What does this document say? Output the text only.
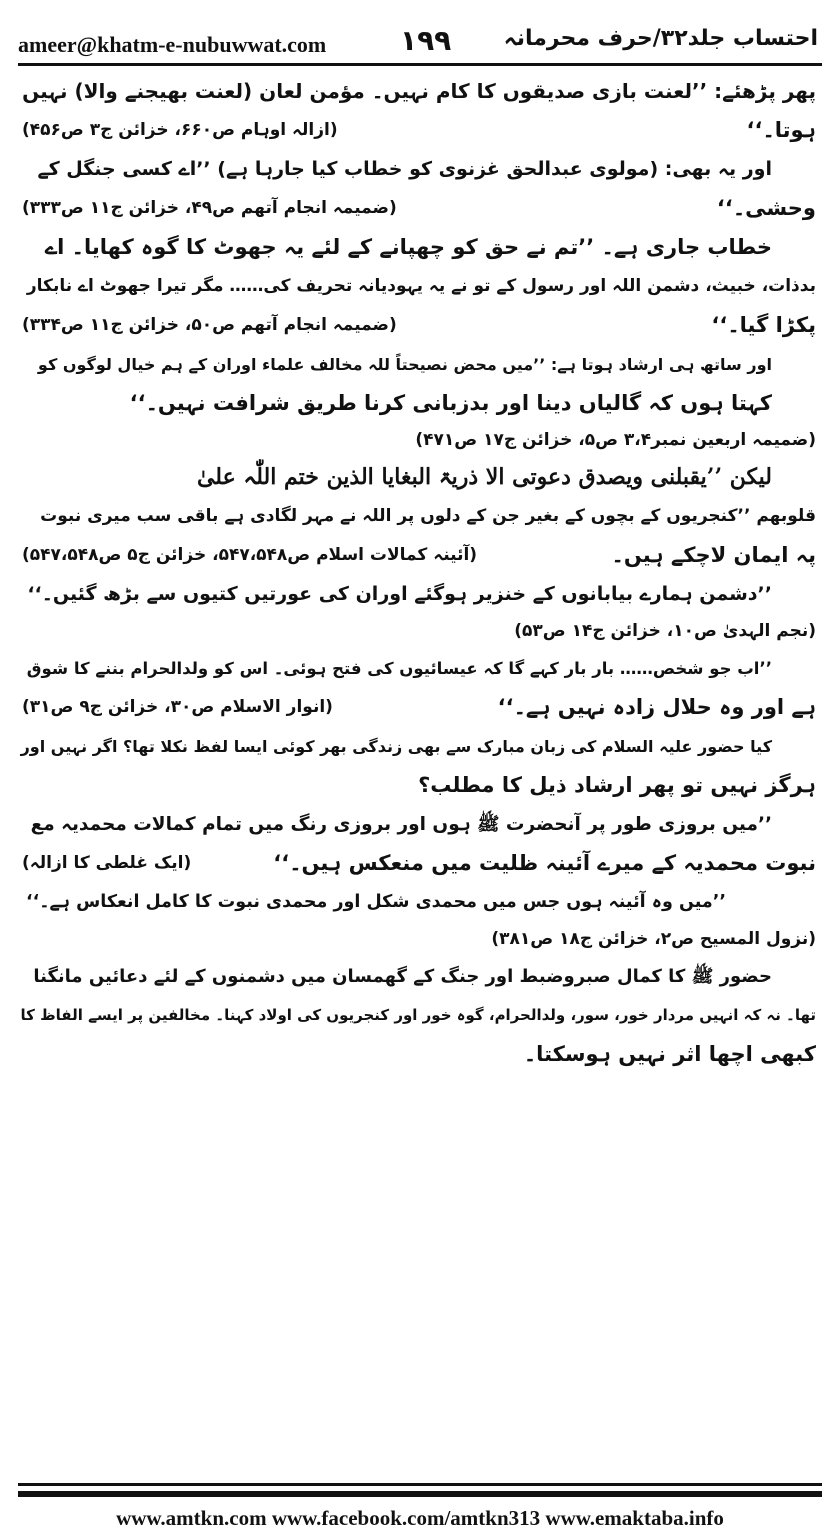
ameer@khatm-e-nubuwwat.com	۱۹۹ احتساب جلد۳۲/حرف محرمانہ
پھر پڑھئے: ’’لعنت بازی صدیقوں کا کام نہیں۔ مؤمن لعان (لعنت بھیجنے والا) نہیں
ہوتا۔‘‘
(ازالہ اوہام ص۶۶۰، خزائن ج۳ ص۴۵۶)
اور یہ بھی: (مولوی عبدالحق غزنوی کو خطاب کیا جارہا ہے) ’’اے کسی جنگل کے
وحشی۔‘‘
(ضمیمہ انجام آتھم ص۴۹، خزائن ج۱۱ ص۳۳۳)
خطاب جاری ہے۔ ’’تم نے حق کو چھپانے کے لئے یہ جھوٹ کا گوہ کھایا۔ اے
بدذات، خبیث، دشمن اللہ اور رسول کے تو نے یہ یہودیانہ تحریف کی…… مگر تیرا جھوٹ اے نابکار
پکڑا گیا۔‘‘
(ضمیمہ انجام آتھم ص۵۰، خزائن ج۱۱ ص۳۳۴)
اور ساتھ ہی ارشاد ہوتا ہے: ’’میں محض نصیحتاً للہ مخالف علماء اوران کے ہم خیال لوگوں کو
کہتا ہوں کہ گالیاں دینا اور بدزبانی کرنا طریق شرافت نہیں۔‘‘
(ضمیمہ اربعین نمبر۳،۴ ص۵، خزائن ج۱۷ ص۴۷۱)
لیکن ’’یقبلنی ویصدق دعوتی الا ذریۃ البغایا الذین ختم اللّٰہ علیٰ
قلوبھم ’’کنجریوں کے بچوں کے بغیر جن کے دلوں پر اللہ نے مہر لگادی ہے باقی سب میری نبوت
پہ ایمان لاچکے ہیں۔
(آئینہ کمالات اسلام ص۵۴۷،۵۴۸، خزائن ج۵ ص۵۴۷،۵۴۸)
’’دشمن ہمارے بیابانوں کے خنزیر ہوگئے اوران کی عورتیں کتیوں سے بڑھ گئیں۔‘‘
(نجم الہدیٰ ص۱۰، خزائن ج۱۴ ص۵۳)
’’اب جو شخص…… بار بار کہے گا کہ عیسائیوں کی فتح ہوئی۔ اس کو ولدالحرام بننے کا شوق
ہے اور وہ حلال زادہ نہیں ہے۔‘‘
(انوار الاسلام ص۳۰، خزائن ج۹ ص۳۱)
کیا حضور علیہ السلام کی زبان مبارک سے بھی زندگی بھر کوئی ایسا لفظ نکلا تھا؟ اگر نہیں اور
ہرگز نہیں تو پھر ارشاد ذیل کا مطلب؟
’’میں بروزی طور پر آنحضرت ﷺ ہوں اور بروزی رنگ میں تمام کمالات محمدیہ مع
نبوت محمدیہ کے میرے آئینہ ظلیت میں منعکس ہیں۔‘‘
(ایک غلطی کا ازالہ)
’’میں وہ آئینہ ہوں جس میں محمدی شکل اور محمدی نبوت کا کامل انعکاس ہے۔‘‘
(نزول المسیح ص۲، خزائن ج۱۸ ص۳۸۱)
حضور ﷺ کا کمال صبروضبط اور جنگ کے گھمسان میں دشمنوں کے لئے دعائیں مانگنا
تھا۔ نہ کہ انہیں مردار خور، سور، ولدالحرام، گوہ خور اور کنجریوں کی اولاد کہنا۔ مخالفین پر ایسے الفاظ کا
کبھی اچھا اثر نہیں ہوسکتا۔
www.amtkn.com www.facebook.com/amtkn313 www.emaktaba.info
